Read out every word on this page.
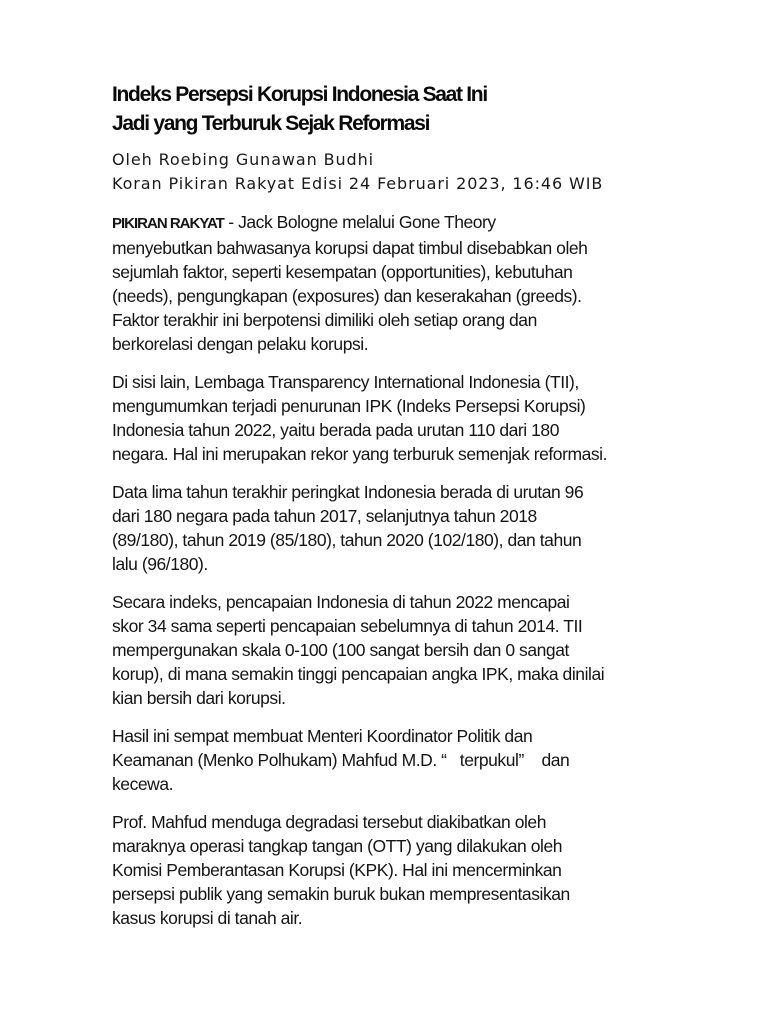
Indeks Persepsi Korupsi Indonesia Saat Ini
Jadi yang Terburuk Sejak Reformasi
Oleh Roebing Gunawan Budhi
Koran Pikiran Rakyat Edisi 24 Februari 2023, 16:46 WIB

PIKIRAN RAKYAT - Jack Bologne melalui Gone Theory
menyebutkan bahwasanya korupsi dapat timbul disebabkan oleh
sejumlah faktor, seperti kesempatan (opportunities), kebutuhan
(needs), pengungkapan (exposures) dan keserakahan (greeds).
Faktor terakhir ini berpotensi dimiliki oleh setiap orang dan
berkorelasi dengan pelaku korupsi.

Di sisi lain, Lembaga Transparency International Indonesia (TII),
mengumumkan terjadi penurunan IPK (Indeks Persepsi Korupsi)
Indonesia tahun 2022, yaitu berada pada urutan 110 dari 180
negara. Hal ini merupakan rekor yang terburuk semenjak reformasi.

Data lima tahun terakhir peringkat Indonesia berada di urutan 96
dari 180 negara pada tahun 2017, selanjutnya tahun 2018
(89/180), tahun 2019 (85/180), tahun 2020 (102/180), dan tahun
lalu (96/180).

Secara indeks, pencapaian Indonesia di tahun 2022 mencapai
skor 34 sama seperti pencapaian sebelumnya di tahun 2014. TII
mempergunakan skala 0-100 (100 sangat bersih dan 0 sangat
korup), di mana semakin tinggi pencapaian angka IPK, maka dinilai
kian bersih dari korupsi.

Hasil ini sempat membuat Menteri Koordinator Politik dan
Keamanan (Menko Polhukam) Mahfud M.D. “   terpukul”    dan
kecewa.

Prof. Mahfud menduga degradasi tersebut diakibatkan oleh
maraknya operasi tangkap tangan (OTT) yang dilakukan oleh
Komisi Pemberantasan Korupsi (KPK). Hal ini mencerminkan
persepsi publik yang semakin buruk bukan mempresentasikan
kasus korupsi di tanah air.
